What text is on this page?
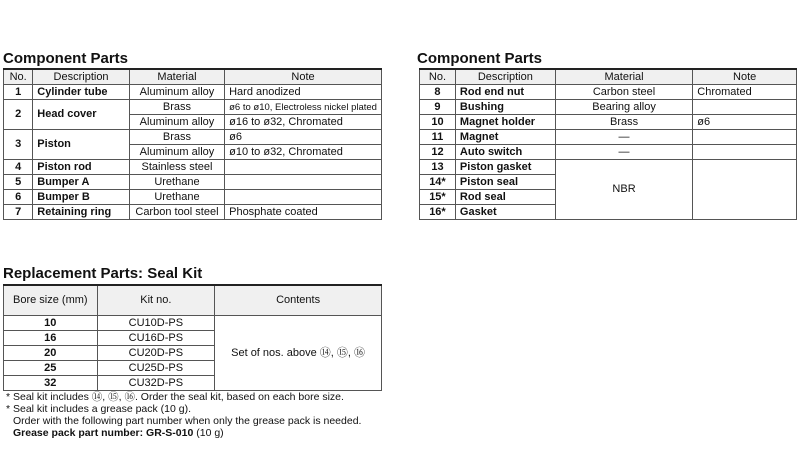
Component Parts
No.	Description	Material	Note
1	Cylinder tube	Aluminum alloy	Hard anodized
2	Head cover	Brass	ø6 to ø10, Electroless nickel plated
		Aluminum alloy	ø16 to ø32, Chromated
3	Piston	Brass	ø6
		Aluminum alloy	ø10 to ø32, Chromated
4	Piston rod	Stainless steel	
5	Bumper A	Urethane	
6	Bumper B	Urethane	
7	Retaining ring	Carbon tool steel	Phosphate coated
Component Parts
No.	Description	Material	Note
8	Rod end nut	Carbon steel	Chromated
9	Bushing	Bearing alloy	
10	Magnet holder	Brass	ø6
11	Magnet	—	
12	Auto switch	—	
13	Piston gasket	NBR	
14*	Piston seal		
15*	Rod seal		
16*	Gasket		
Replacement Parts: Seal Kit
Bore size (mm)	Kit no.	Contents
10	CU10D-PS	Set of nos. above ⑭, ⑮, ⑯
16	CU16D-PS	
20	CU20D-PS	
25	CU25D-PS	
32	CU32D-PS	
* Seal kit includes ⑭, ⑮, ⑯. Order the seal kit, based on each bore size.
* Seal kit includes a grease pack (10 g).
Order with the following part number when only the grease pack is needed.
Grease pack part number: GR-S-010 (10 g)
